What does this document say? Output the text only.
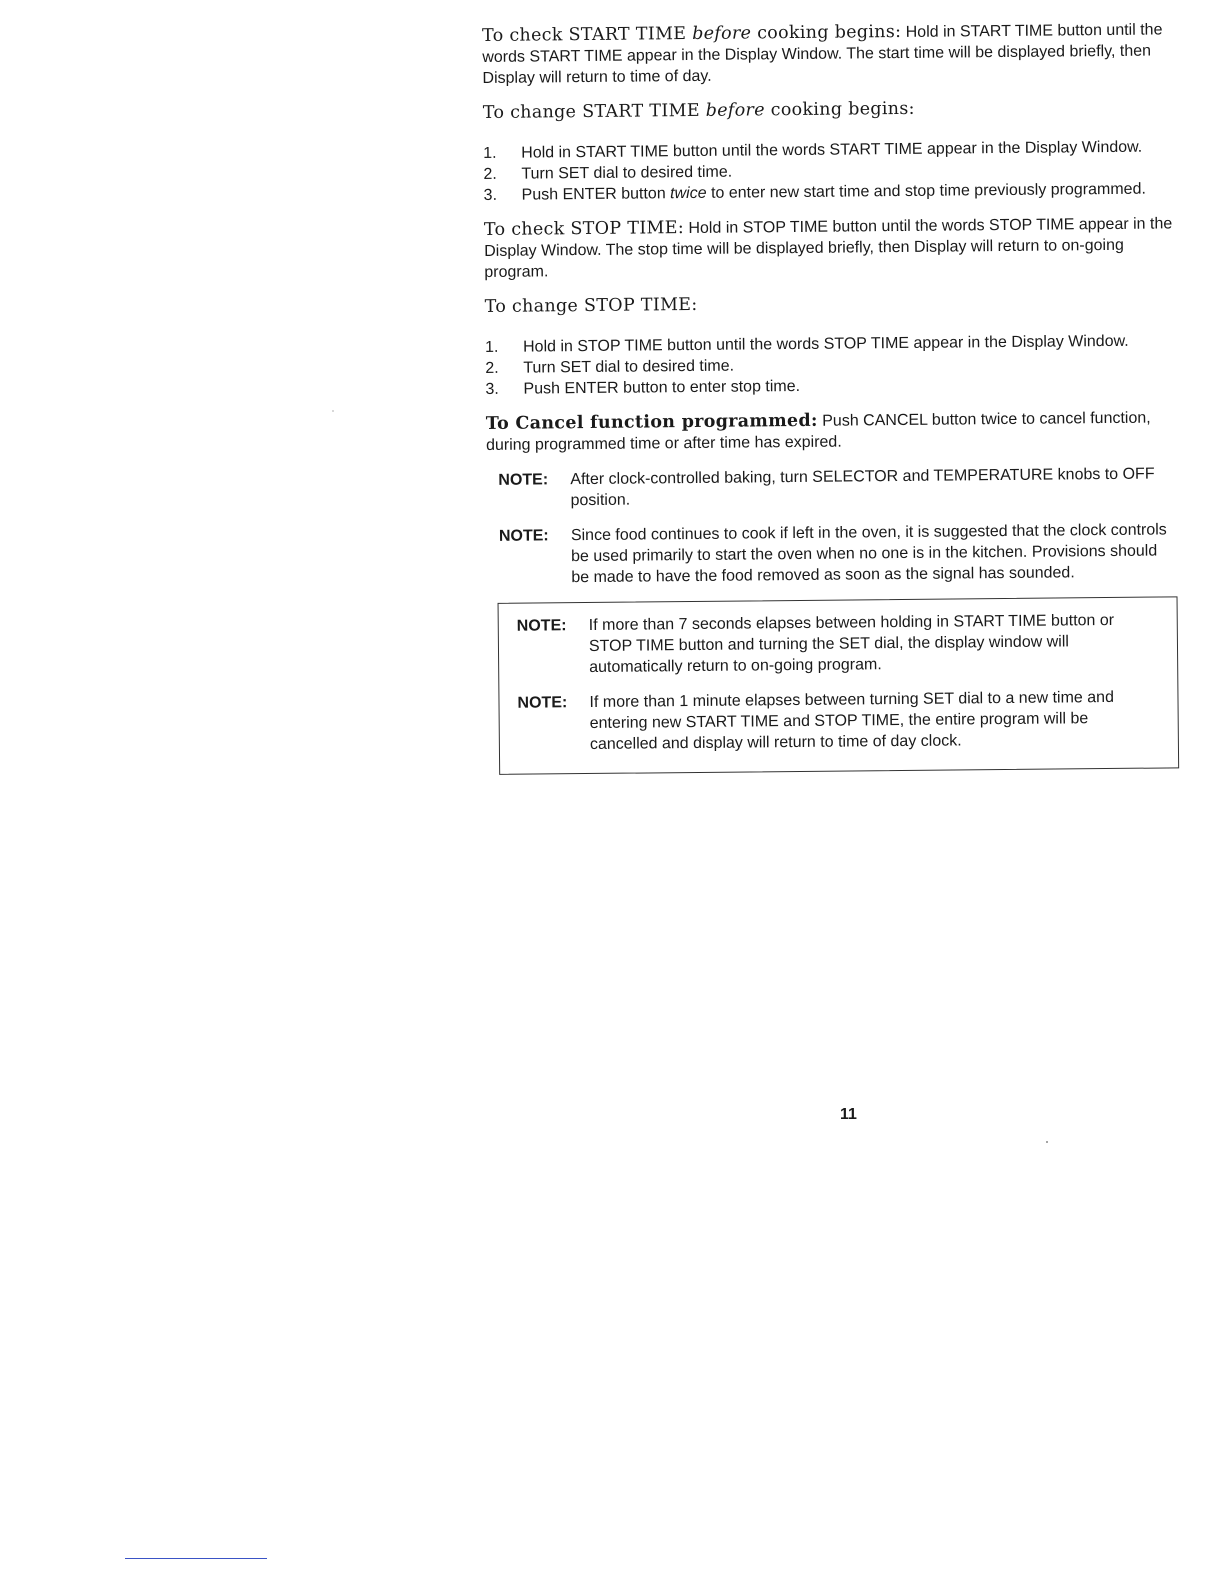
To check START TIME before cooking begins: Hold in START TIME button until the words START TIME appear in the Display Window. The start time will be displayed briefly, then Display will return to time of day.

To change START TIME before cooking begins:
1.	Hold in START TIME button until the words START TIME appear in the Display Window.
2.	Turn SET dial to desired time.
3.	Push ENTER button twice to enter new start time and stop time previously programmed.

To check STOP TIME: Hold in STOP TIME button until the words STOP TIME appear in the Display Window. The stop time will be displayed briefly, then Display will return to on-going program.

To change STOP TIME:
1.	Hold in STOP TIME button until the words STOP TIME appear in the Display Window.
2.	Turn SET dial to desired time.
3.	Push ENTER button to enter stop time.

To Cancel function programmed: Push CANCEL button twice to cancel function, during programmed time or after time has expired.

NOTE:	After clock-controlled baking, turn SELECTOR and TEMPERATURE knobs to OFF position.
NOTE:	Since food continues to cook if left in the oven, it is suggested that the clock controls be used primarily to start the oven when no one is in the kitchen. Provisions should be made to have the food removed as soon as the signal has sounded.
NOTE:	If more than 7 seconds elapses between holding in START TIME button or STOP TIME button and turning the SET dial, the display window will automatically return to on-going program.
NOTE:	If more than 1 minute elapses between turning SET dial to a new time and entering new START TIME and STOP TIME, the entire program will be cancelled and display will return to time of day clock.
11
